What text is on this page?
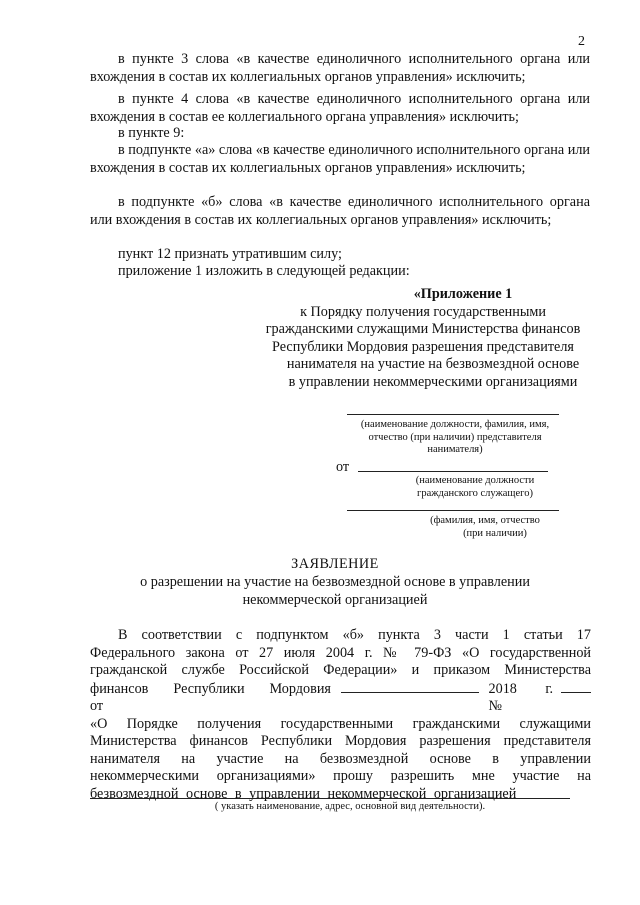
2
в пункте 3 слова «в качестве единоличного исполнительного органа или вхождения в состав их коллегиальных органов управления» исключить;
в пункте 4 слова «в качестве единоличного исполнительного органа или вхождения в состав ее коллегиального органа управления» исключить;
в пункте 9:
в подпункте «а» слова «в качестве единоличного исполнительного органа или вхождения в состав их коллегиальных органов управления» исключить;
в подпункте «б» слова «в качестве единоличного исполнительного органа или вхождения в состав их коллегиальных органов управления» исключить;
пункт 12 признать утратившим силу;
приложение 1 изложить в следующей редакции:
«Приложение 1
к Порядку получения государственными
гражданскими служащими Министерства финансов
Республики Мордовия разрешения представителя
нанимателя на участие на безвозмездной основе
в управлении некоммерческими организациями
(наименование должности, фамилия, имя,
отчество (при наличии) представителя
нанимателя)
от
(наименование должности
гражданского служащего)
(фамилия, имя, отчество
(при наличии)
ЗАЯВЛЕНИЕ
о разрешении на участие на безвозмездной основе в управлении
некоммерческой организацией
В соответствии с подпунктом «б» пункта 3 части 1 статьи 17
Федерального закона от 27 июля 2004 г. № 79-ФЗ «О государственной
гражданской службе Российской Федерации» и приказом Министерства
финансов Республики Мордовия от
2018 г. №
«О Порядке получения государственными гражданскими служащими
Министерства финансов Республики Мордовия разрешения представителя
нанимателя на участие на безвозмездной основе в управлении
некоммерческими организациями» прошу разрешить мне участие на
безвозмездной основе в управлении некоммерческой организацией
( указать наименование, адрес, основной вид деятельности).
